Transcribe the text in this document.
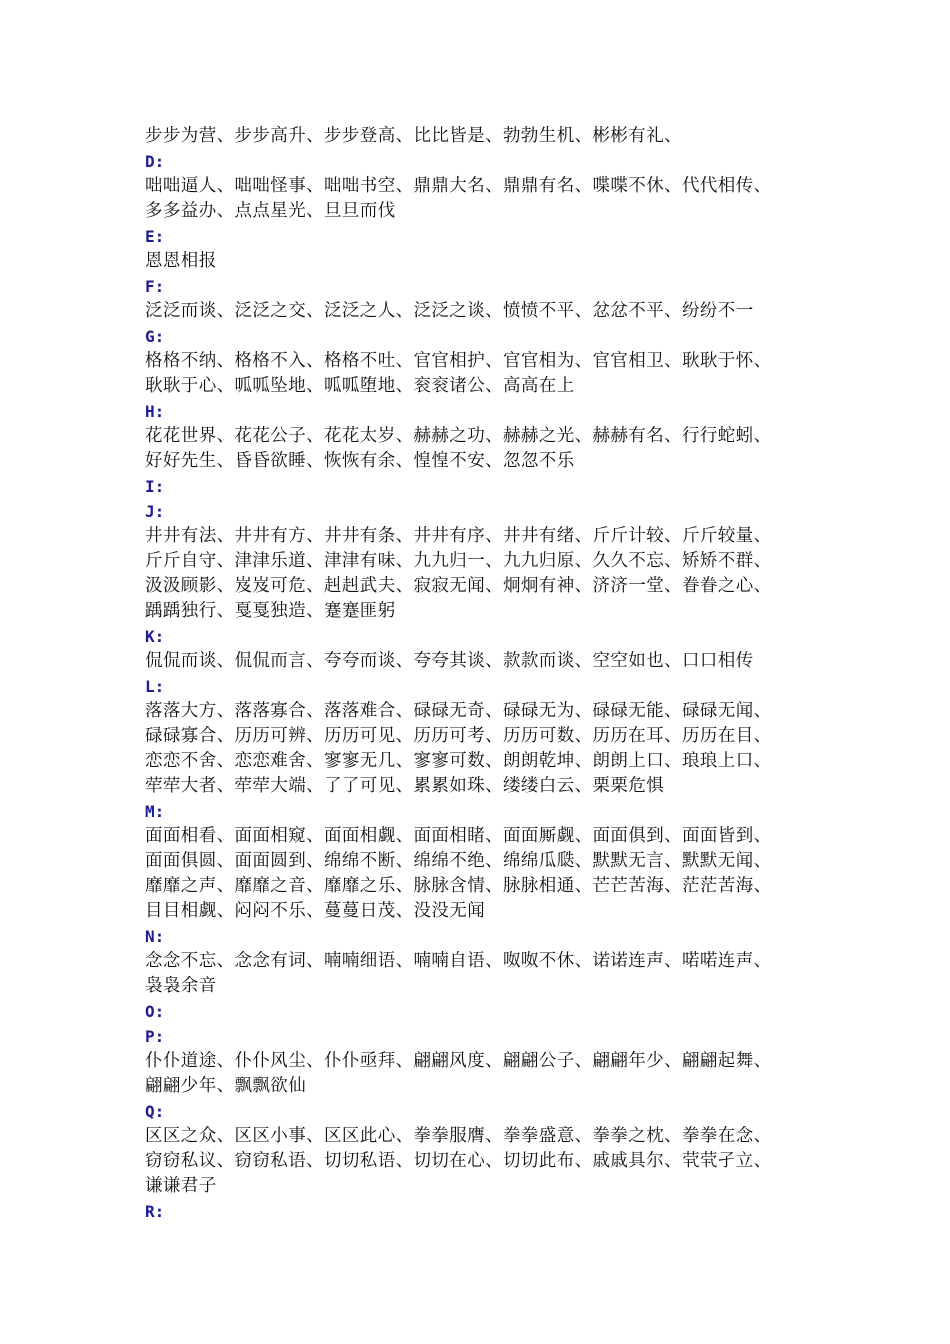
步步为营、步步高升、步步登高、比比皆是、勃勃生机、彬彬有礼、
D:
咄咄逼人、咄咄怪事、咄咄书空、鼎鼎大名、鼎鼎有名、喋喋不休、代代相传、
多多益办、点点星光、旦旦而伐
E:
恩恩相报
F:
泛泛而谈、泛泛之交、泛泛之人、泛泛之谈、愤愤不平、忿忿不平、纷纷不一
G:
格格不纳、格格不入、格格不吐、官官相护、官官相为、官官相卫、耿耿于怀、
耿耿于心、呱呱坠地、呱呱堕地、衮衮诸公、高高在上
H:
花花世界、花花公子、花花太岁、赫赫之功、赫赫之光、赫赫有名、行行蛇蚓、
好好先生、昏昏欲睡、恢恢有余、惶惶不安、忽忽不乐
I:
J:
井井有法、井井有方、井井有条、井井有序、井井有绪、斤斤计较、斤斤较量、
斤斤自守、津津乐道、津津有味、九九归一、九九归原、久久不忘、矫矫不群、
汲汲顾影、岌岌可危、赳赳武夫、寂寂无闻、炯炯有神、济济一堂、眷眷之心、
踽踽独行、戛戛独造、蹇蹇匪躬
K:
侃侃而谈、侃侃而言、夸夸而谈、夸夸其谈、款款而谈、空空如也、口口相传
L:
落落大方、落落寡合、落落难合、碌碌无奇、碌碌无为、碌碌无能、碌碌无闻、
碌碌寡合、历历可辨、历历可见、历历可考、历历可数、历历在耳、历历在目、
恋恋不舍、恋恋难舍、寥寥无几、寥寥可数、朗朗乾坤、朗朗上口、琅琅上口、
荦荦大者、荦荦大端、了了可见、累累如珠、缕缕白云、栗栗危惧
M:
面面相看、面面相窥、面面相觑、面面相睹、面面厮觑、面面俱到、面面皆到、
面面俱圆、面面圆到、绵绵不断、绵绵不绝、绵绵瓜瓞、默默无言、默默无闻、
靡靡之声、靡靡之音、靡靡之乐、脉脉含情、脉脉相通、芒芒苦海、茫茫苦海、
目目相觑、闷闷不乐、蔓蔓日茂、没没无闻
N:
念念不忘、念念有词、喃喃细语、喃喃自语、呶呶不休、诺诺连声、喏喏连声、
袅袅余音
O:
P:
仆仆道途、仆仆风尘、仆仆亟拜、翩翩风度、翩翩公子、翩翩年少、翩翩起舞、
翩翩少年、飘飘欲仙
Q:
区区之众、区区小事、区区此心、拳拳服膺、拳拳盛意、拳拳之枕、拳拳在念、
窃窃私议、窃窃私语、切切私语、切切在心、切切此布、戚戚具尔、茕茕孑立、
谦谦君子
R:
